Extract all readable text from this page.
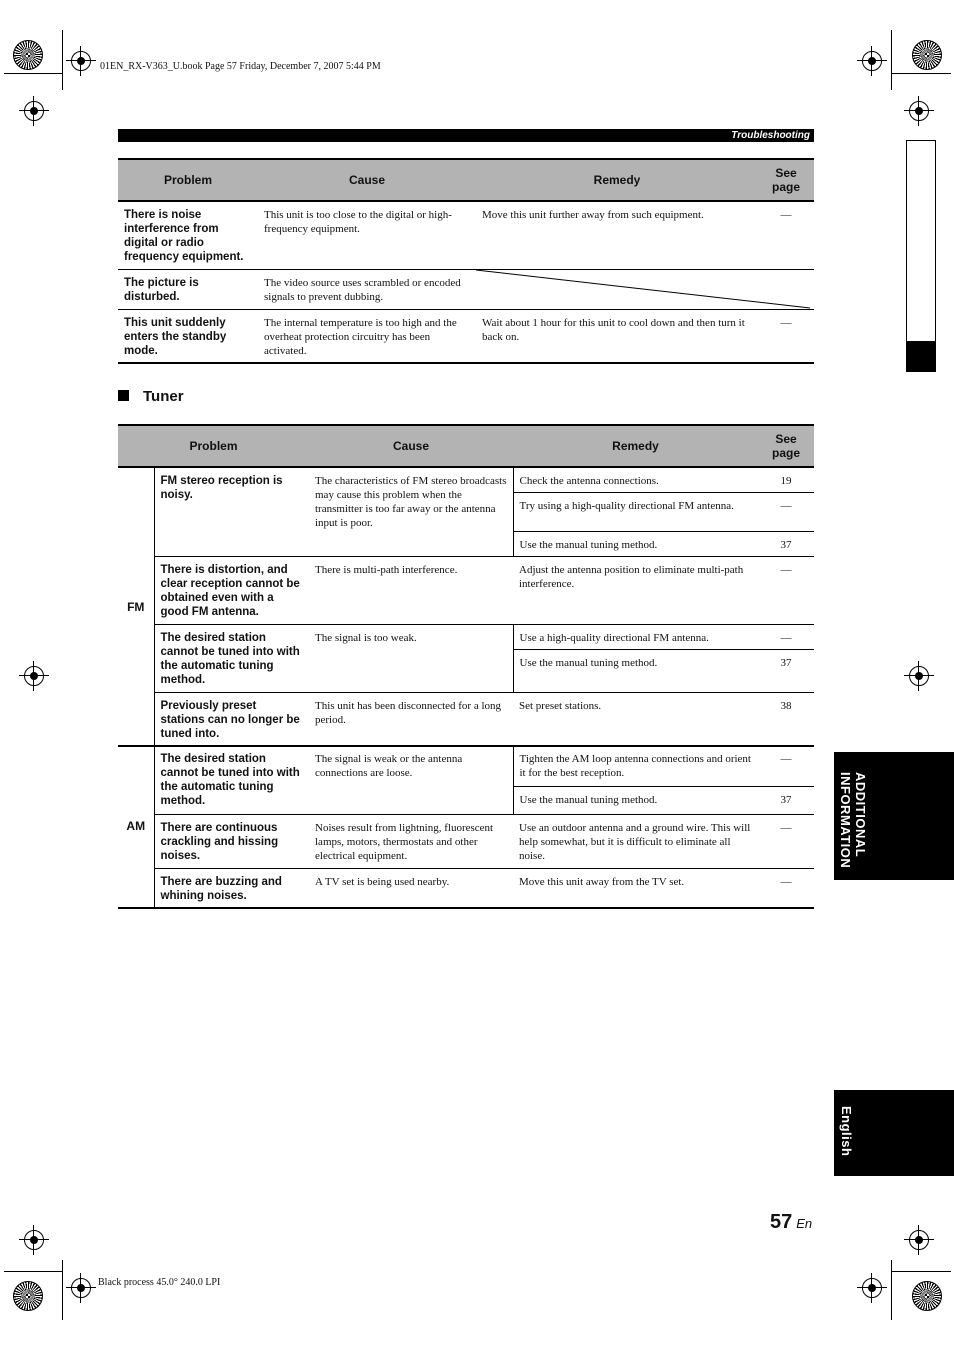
01EN_RX-V363_U.book Page 57 Friday, December 7, 2007 5:44 PM
Black process 45.0° 240.0 LPI
Troubleshooting
Problem	Cause	Remedy	See
page
There is noise interference from digital or radio frequency equipment.	This unit is too close to the digital or high-frequency equipment.	Move this unit further away from such equipment.	—
The picture is disturbed.	The video source uses scrambled or encoded signals to prevent dubbing.	

This unit suddenly enters the standby mode.	The internal temperature is too high and the overheat protection circuitry has been activated.	Wait about 1 hour for this unit to cool down and then turn it back on.	—
Tuner
Problem		Cause	Remedy	See
page
FM	FM stereo reception is noisy.	The characteristics of FM stereo broadcasts may cause this problem when the transmitter is too far away or the antenna input is poor.	Check the antenna connections.	19
			Try using a high-quality directional FM antenna.	—
			Use the manual tuning method.	37
	There is distortion, and clear reception cannot be obtained even with a good FM antenna.	There is multi-path interference.	Adjust the antenna position to eliminate multi-path interference.	—
	The desired station cannot be tuned into with the automatic tuning method.	The signal is too weak.	Use a high-quality directional FM antenna.	—
			Use the manual tuning method.	37
	Previously preset stations can no longer be tuned into.	This unit has been disconnected for a long period.	Set preset stations.	38
AM	The desired station cannot be tuned into with the automatic tuning method.	The signal is weak or the antenna connections are loose.	Tighten the AM loop antenna connections and orient it for the best reception.	—
			Use the manual tuning method.	37
	There are continuous crackling and hissing noises.	Noises result from lightning, fluorescent lamps, motors, thermostats and other electrical equipment.	Use an outdoor antenna and a ground wire. This will help somewhat, but it is difficult to eliminate all noise.	—
	There are buzzing and whining noises.	A TV set is being used nearby.	Move this unit away from the TV set.	—
ADDITIONAL
INFORMATION
English
57 En
